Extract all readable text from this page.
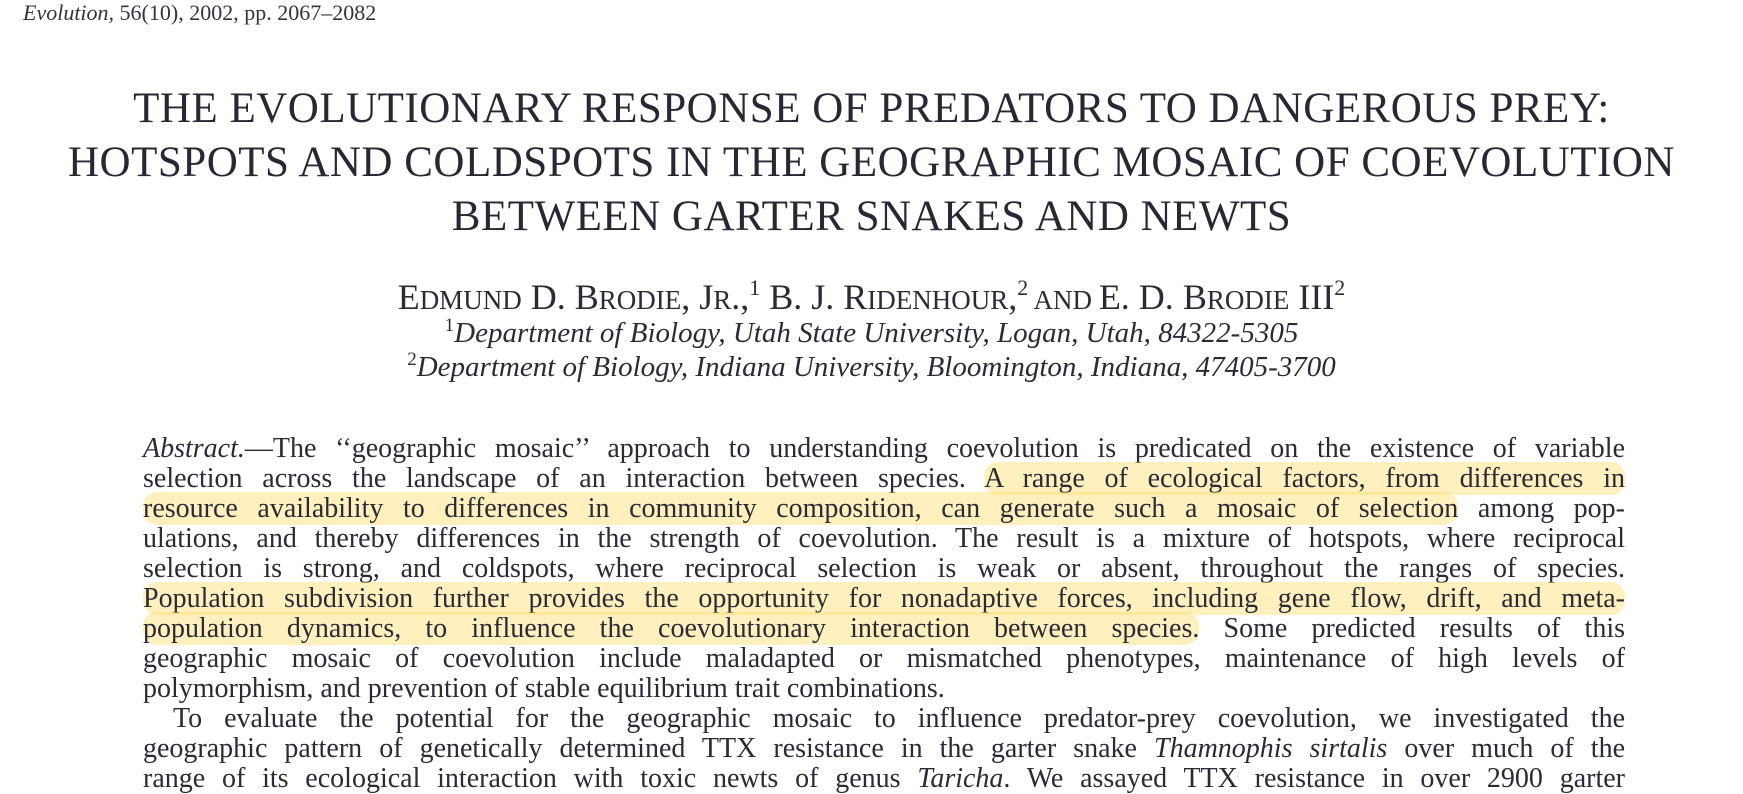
Evolution, 56(10), 2002, pp. 2067–2082
THE EVOLUTIONARY RESPONSE OF PREDATORS TO DANGEROUS PREY:
HOTSPOTS AND COLDSPOTS IN THE GEOGRAPHIC MOSAIC OF COEVOLUTION
BETWEEN GARTER SNAKES AND NEWTS
EDMUND D. BRODIE, JR.,$^1$ B. J. RIDENHOUR,$^2$ AND E. D. BRODIE III$^2$
$^1$Department of Biology, Utah State University, Logan, Utah, 84322-5305
$^2$Department of Biology, Indiana University, Bloomington, Indiana, 47405-3700
Abstract.—The ‘‘geographic mosaic’’ approach to understanding coevolution is predicated on the existence of variable
selection across the landscape of an interaction between species. A range of ecological factors, from differences in
resource availability to differences in community composition, can generate such a mosaic of selection among pop-
ulations, and thereby differences in the strength of coevolution. The result is a mixture of hotspots, where reciprocal
selection is strong, and coldspots, where reciprocal selection is weak or absent, throughout the ranges of species.
Population subdivision further provides the opportunity for nonadaptive forces, including gene flow, drift, and meta-
population dynamics, to influence the coevolutionary interaction between species. Some predicted results of this
geographic mosaic of coevolution include maladapted or mismatched phenotypes, maintenance of high levels of
polymorphism, and prevention of stable equilibrium trait combinations.
To evaluate the potential for the geographic mosaic to influence predator-prey coevolution, we investigated the
geographic pattern of genetically determined TTX resistance in the garter snake Thamnophis sirtalis over much of the
range of its ecological interaction with toxic newts of genus Taricha. We assayed TTX resistance in over 2900 garter
